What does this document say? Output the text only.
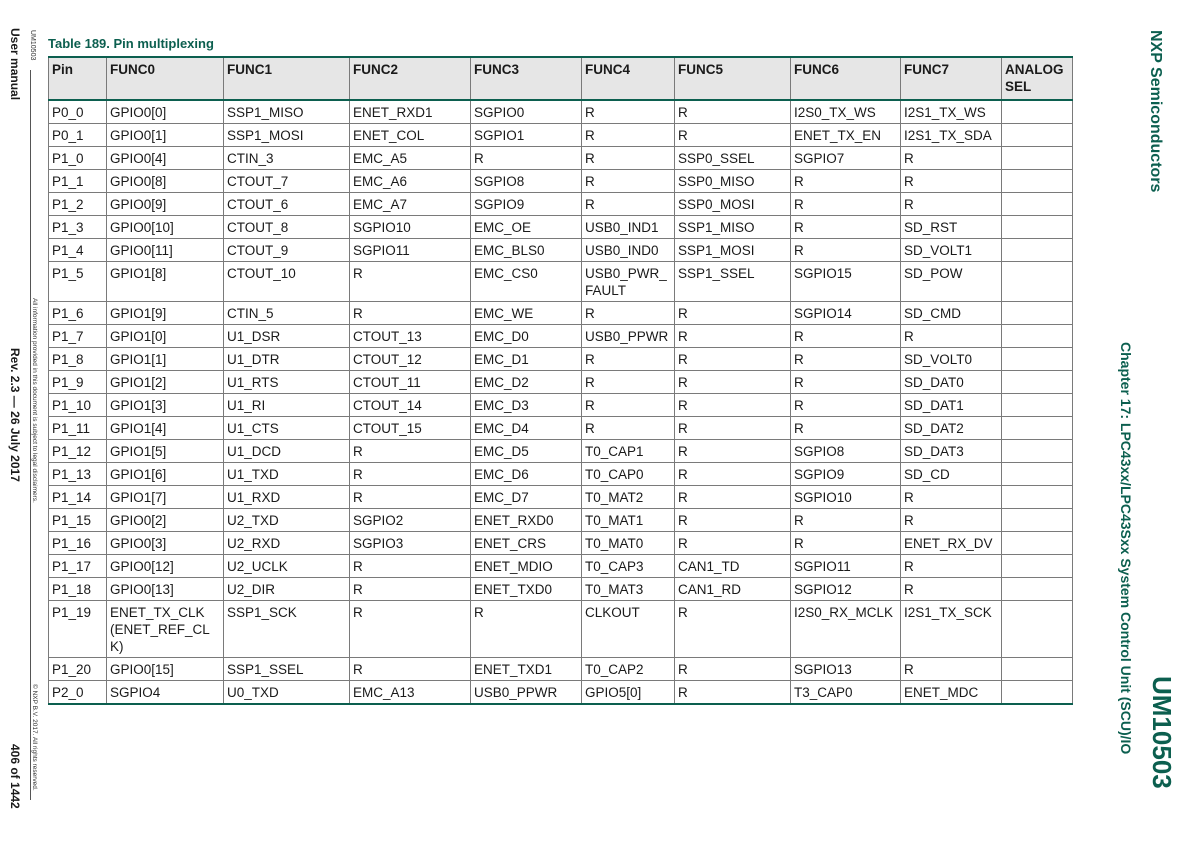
User manual UM10503
All information provided in this document is subject to legal disclaimers.
Rev. 2.3 — 26 July 2017
© NXP B.V. 2017. All rights reserved.
406 of 1442
NXP Semiconductors
Chapter 17: LPC43xx/LPC43Sxx System Control Unit (SCU)/IO UM10503
Table 189. Pin multiplexing
Pin	FUNC0	FUNC1	FUNC2	FUNC3	FUNC4	FUNC5	FUNC6	FUNC7	ANALOG SEL
P0_0	GPIO0[0]	SSP1_MISO	ENET_RXD1	SGPIO0	R	R	I2S0_TX_WS	I2S1_TX_WS	
P0_1	GPIO0[1]	SSP1_MOSI	ENET_COL	SGPIO1	R	R	ENET_TX_EN	I2S1_TX_SDA	
P1_0	GPIO0[4]	CTIN_3	EMC_A5	R	R	SSP0_SSEL	SGPIO7	R	
P1_1	GPIO0[8]	CTOUT_7	EMC_A6	SGPIO8	R	SSP0_MISO	R	R	
P1_2	GPIO0[9]	CTOUT_6	EMC_A7	SGPIO9	R	SSP0_MOSI	R	R	
P1_3	GPIO0[10]	CTOUT_8	SGPIO10	EMC_OE	USB0_IND1	SSP1_MISO	R	SD_RST	
P1_4	GPIO0[11]	CTOUT_9	SGPIO11	EMC_BLS0	USB0_IND0	SSP1_MOSI	R	SD_VOLT1	
P1_5	GPIO1[8]	CTOUT_10	R	EMC_CS0	USB0_PWR_FAULT	SSP1_SSEL	SGPIO15	SD_POW	
P1_6	GPIO1[9]	CTIN_5	R	EMC_WE	R	R	SGPIO14	SD_CMD	
P1_7	GPIO1[0]	U1_DSR	CTOUT_13	EMC_D0	USB0_PPWR	R	R	R	
P1_8	GPIO1[1]	U1_DTR	CTOUT_12	EMC_D1	R	R	R	SD_VOLT0	
P1_9	GPIO1[2]	U1_RTS	CTOUT_11	EMC_D2	R	R	R	SD_DAT0	
P1_10	GPIO1[3]	U1_RI	CTOUT_14	EMC_D3	R	R	R	SD_DAT1	
P1_11	GPIO1[4]	U1_CTS	CTOUT_15	EMC_D4	R	R	R	SD_DAT2	
P1_12	GPIO1[5]	U1_DCD	R	EMC_D5	T0_CAP1	R	SGPIO8	SD_DAT3	
P1_13	GPIO1[6]	U1_TXD	R	EMC_D6	T0_CAP0	R	SGPIO9	SD_CD	
P1_14	GPIO1[7]	U1_RXD	R	EMC_D7	T0_MAT2	R	SGPIO10	R	
P1_15	GPIO0[2]	U2_TXD	SGPIO2	ENET_RXD0	T0_MAT1	R	R	R	
P1_16	GPIO0[3]	U2_RXD	SGPIO3	ENET_CRS	T0_MAT0	R	R	ENET_RX_DV	
P1_17	GPIO0[12]	U2_UCLK	R	ENET_MDIO	T0_CAP3	CAN1_TD	SGPIO11	R	
P1_18	GPIO0[13]	U2_DIR	R	ENET_TXD0	T0_MAT3	CAN1_RD	SGPIO12	R	
P1_19	ENET_TX_CLK (ENET_REF_CLK)	SSP1_SCK	R	R	CLKOUT	R	I2S0_RX_MCLK	I2S1_TX_SCK	
P1_20	GPIO0[15]	SSP1_SSEL	R	ENET_TXD1	T0_CAP2	R	SGPIO13	R	
P2_0	SGPIO4	U0_TXD	EMC_A13	USB0_PPWR	GPIO5[0]	R	T3_CAP0	ENET_MDC	
